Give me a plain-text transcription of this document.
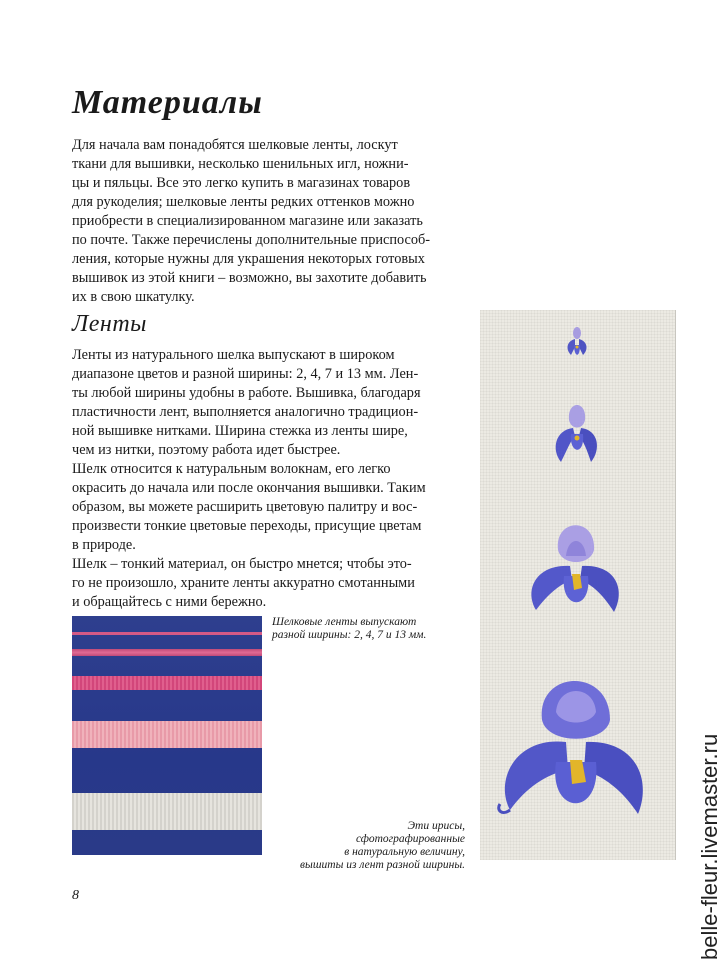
Материалы
Для начала вам понадобятся шелковые ленты, лоскут
ткани для вышивки, несколько шенильных игл, ножни-
цы и пяльцы. Все это легко купить в магазинах товаров
для рукоделия; шелковые ленты редких оттенков можно
приобрести в специализированном магазине или заказать
по почте. Также перечислены дополнительные приспособ-
ления, которые нужны для украшения некоторых готовых
вышивок из этой книги – возможно, вы захотите добавить
их в свою шкатулку.
Ленты
Ленты из натурального шелка выпускают в широком
диапазоне цветов и разной ширины: 2, 4, 7 и 13 мм. Лен-
ты любой ширины удобны в работе. Вышивка, благодаря
пластичности лент, выполняется аналогично традицион-
ной вышивке нитками. Ширина стежка из ленты шире,
чем из нитки, поэтому работа идет быстрее.
Шелк относится к натуральным волокнам, его легко
окрасить до начала или после окончания вышивки. Таким
образом, вы можете расширить цветовую палитру и вос-
произвести тонкие цветовые переходы, присущие цветам
в природе.
Шелк – тонкий материал, он быстро мнется; чтобы это-
го не произошло, храните ленты аккуратно смотанными
и обращайтесь с ними бережно.
Шелковые ленты выпускают
разной ширины: 2, 4, 7 и 13 мм.
Эти ирисы,
сфотографированные
в натуральную величину,
вышиты из лент разной ширины.
8	belle-fleur.livemaster.ru
